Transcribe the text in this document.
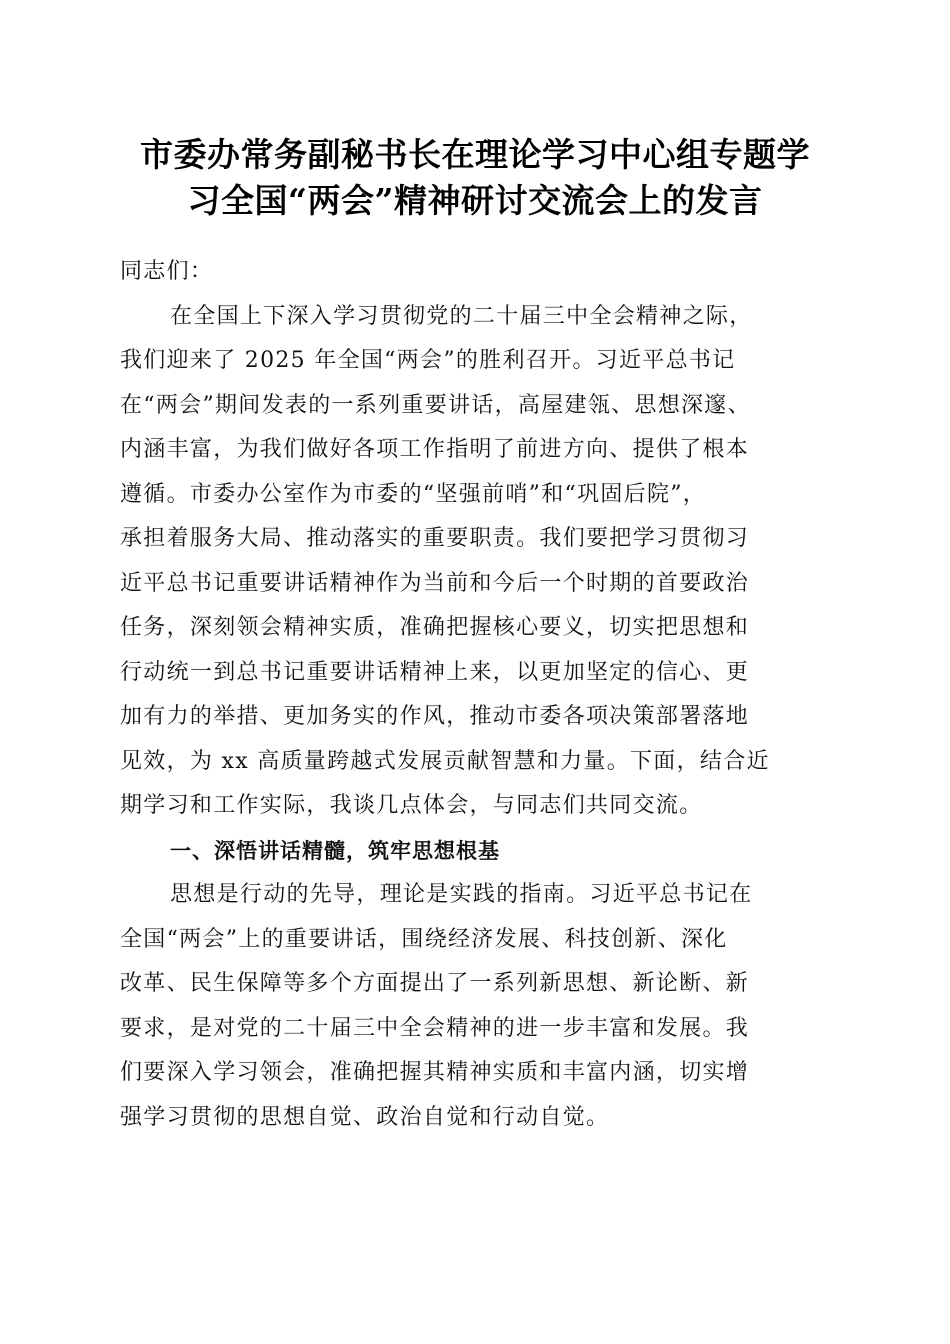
市委办常务副秘书长在理论学习中心组专题学
习全国“两会”精神研讨交流会上的发言
同志们：
在全国上下深入学习贯彻党的二十届三中全会精神之际，
我们迎来了 2025 年全国“两会”的胜利召开。习近平总书记
在“两会”期间发表的一系列重要讲话，高屋建瓴、思想深邃、
内涵丰富，为我们做好各项工作指明了前进方向、提供了根本
遵循。市委办公室作为市委的“坚强前哨”和“巩固后院”，
承担着服务大局、推动落实的重要职责。我们要把学习贯彻习
近平总书记重要讲话精神作为当前和今后一个时期的首要政治
任务，深刻领会精神实质，准确把握核心要义，切实把思想和
行动统一到总书记重要讲话精神上来，以更加坚定的信心、更
加有力的举措、更加务实的作风，推动市委各项决策部署落地
见效，为 xx 高质量跨越式发展贡献智慧和力量。下面，结合近
期学习和工作实际，我谈几点体会，与同志们共同交流。
一、深悟讲话精髓，筑牢思想根基
思想是行动的先导，理论是实践的指南。习近平总书记在
全国“两会”上的重要讲话，围绕经济发展、科技创新、深化
改革、民生保障等多个方面提出了一系列新思想、新论断、新
要求，是对党的二十届三中全会精神的进一步丰富和发展。我
们要深入学习领会，准确把握其精神实质和丰富内涵，切实增
强学习贯彻的思想自觉、政治自觉和行动自觉。
